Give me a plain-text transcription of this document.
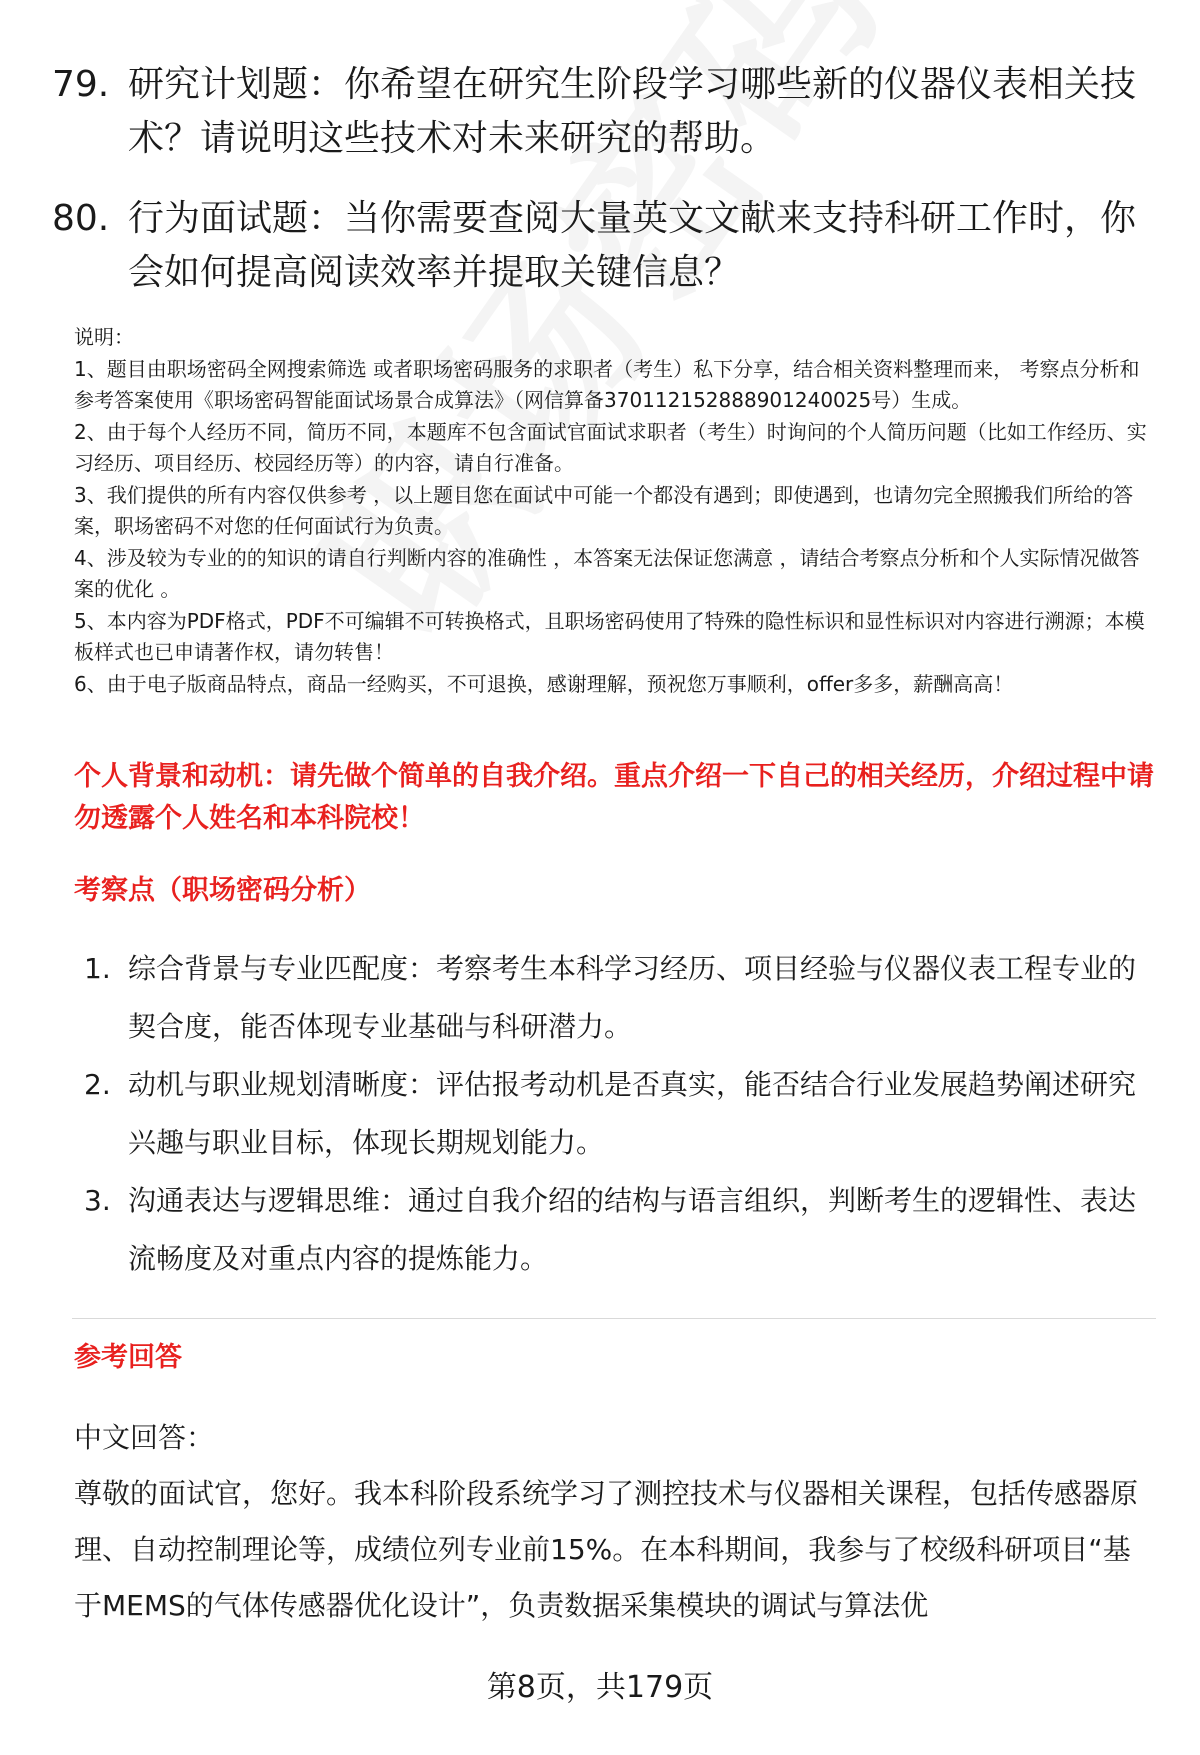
79. 研究计划题：你希望在研究生阶段学习哪些新的仪器仪表相关技术？请说明这些技术对未来研究的帮助。
80. 行为面试题：当你需要查阅大量英文文献来支持科研工作时，你会如何提高阅读效率并提取关键信息？
说明：
1、题目由职场密码全网搜索筛选 或者职场密码服务的求职者（考生）私下分享，结合相关资料整理而来， 考察点分析和参考答案使用《职场密码智能面试场景合成算法》（网信算备370112152888901240025号）生成。
2、由于每个人经历不同，简历不同，本题库不包含面试官面试求职者（考生）时询问的个人简历问题（比如工作经历、实习经历、项目经历、校园经历等）的内容，请自行准备。
3、我们提供的所有内容仅供参考 ，以上题目您在面试中可能一个都没有遇到；即使遇到，也请勿完全照搬我们所给的答案，职场密码不对您的任何面试行为负责。
4、涉及较为专业的的知识的请自行判断内容的准确性 ，本答案无法保证您满意 ，请结合考察点分析和个人实际情况做答案的优化 。
5、本内容为PDF格式，PDF不可编辑不可转换格式，且职场密码使用了特殊的隐性标识和显性标识对内容进行溯源；本模板样式也已申请著作权，请勿转售！
6、由于电子版商品特点，商品一经购买，不可退换，感谢理解，预祝您万事顺利，offer多多，薪酬高高！
个人背景和动机：请先做个简单的自我介绍。重点介绍一下自己的相关经历，介绍过程中请勿透露个人姓名和本科院校！
考察点（职场密码分析）
1. 综合背景与专业匹配度：考察考生本科学习经历、项目经验与仪器仪表工程专业的契合度，能否体现专业基础与科研潜力。
2. 动机与职业规划清晰度：评估报考动机是否真实，能否结合行业发展趋势阐述研究兴趣与职业目标，体现长期规划能力。
3. 沟通表达与逻辑思维：通过自我介绍的结构与语言组织，判断考生的逻辑性、表达流畅度及对重点内容的提炼能力。
参考回答
中文回答：
尊敬的面试官，您好。我本科阶段系统学习了测控技术与仪器相关课程，包括传感器原理、自动控制理论等，成绩位列专业前15%。在本科期间，我参与了校级科研项目“基于MEMS的气体传感器优化设计”，负责数据采集模块的调试与算法优
第8页，共179页
